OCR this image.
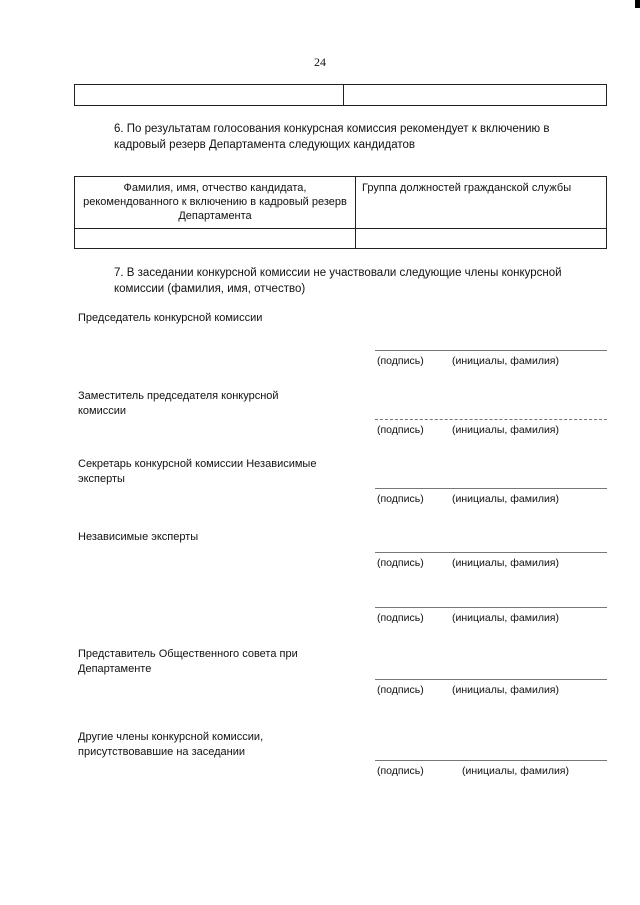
24

6. По результатам голосования конкурсная комиссия рекомендует к включению в кадровый резерв Департамента следующих кандидатов
Фамилия, имя, отчество кандидата, рекомендованного к включению в кадровый резерв Департамента	Группа должностей гражданской службы

7. В заседании конкурсной комиссии не участвовали следующие члены конкурсной комиссии (фамилия, имя, отчество)
Председатель конкурсной комиссии
(подпись)	(инициалы, фамилия)
Заместитель председателя конкурсной комиссии
(подпись)	(инициалы, фамилия)
Секретарь конкурсной комиссии Независимые эксперты
(подпись)	(инициалы, фамилия)
Независимые эксперты
(подпись)	(инициалы, фамилия)
(подпись)	(инициалы, фамилия)
Представитель Общественного совета при Департаменте
(подпись)	(инициалы, фамилия)
Другие члены конкурсной комиссии, присутствовавшие на заседании
(подпись)	(инициалы, фамилия)
